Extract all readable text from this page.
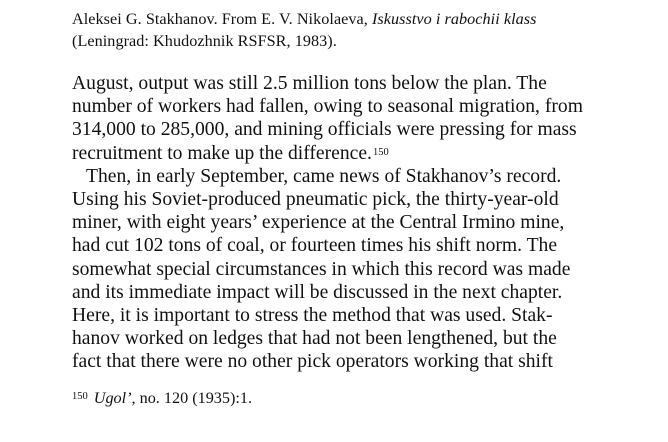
Aleksei G. Stakhanov. From E. V. Nikolaeva, Iskusstvo i rabochii klass
(Leningrad: Khudozhnik RSFSR, 1983).
August, output was still 2.5 million tons below the plan. The
number of workers had fallen, owing to seasonal migration, from
314,000 to 285,000, and mining officials were pressing for mass
recruitment to make up the difference.$^{150}$
Then, in early September, came news of Stakhanov’s record.
Using his Soviet-produced pneumatic pick, the thirty-year-old
miner, with eight years’ experience at the Central Irmino mine,
had cut 102 tons of coal, or fourteen times his shift norm. The
somewhat special circumstances in which this record was made
and its immediate impact will be discussed in the next chapter.
Here, it is important to stress the method that was used. Stak-
hanov worked on ledges that had not been lengthened, but the
fact that there were no other pick operators working that shift
$^{150}$ Ugol’, no. 120 (1935):1.
